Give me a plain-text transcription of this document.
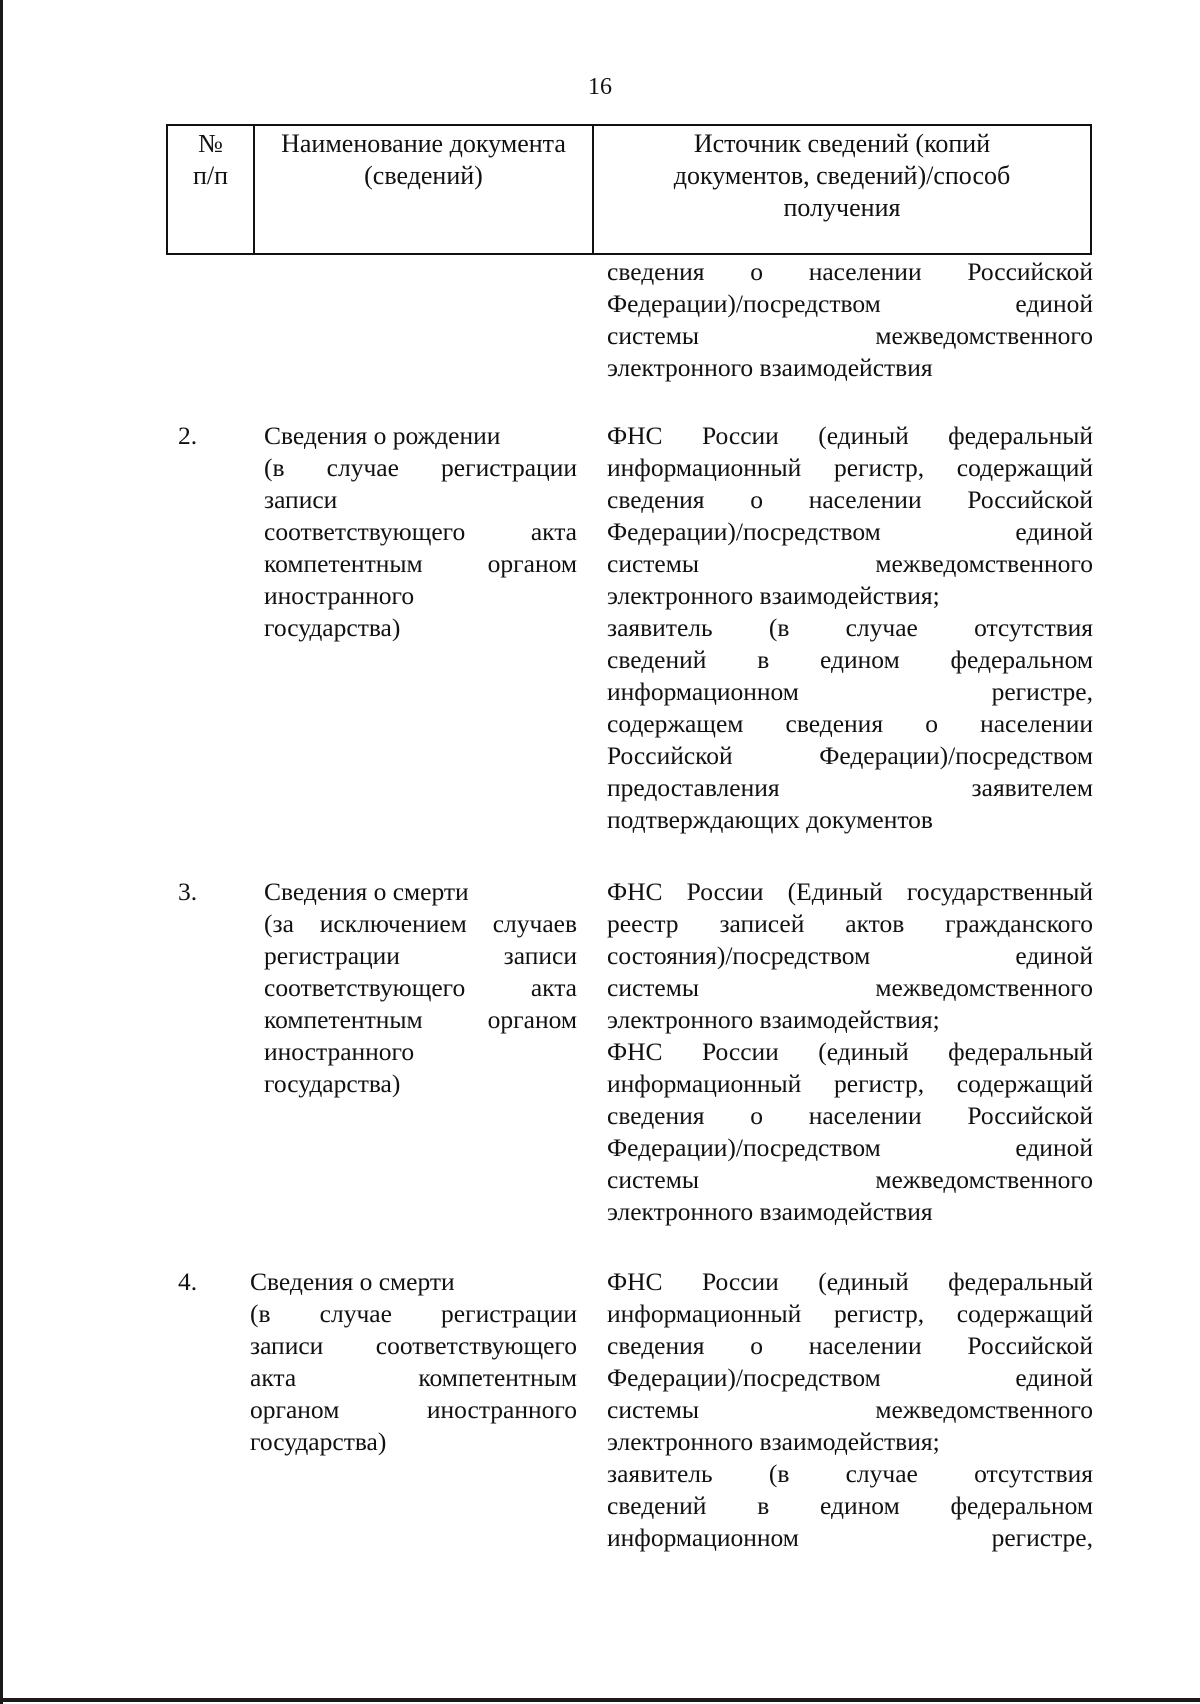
16
№
п/п
Наименование документа
(сведений)
Источник сведений (копий
документов, сведений)/способ
получения
сведения о населении Российской
Федерации)/посредством единой
системы межведомственного
электронного взаимодействия
2.	Сведения о рождении
(в случае регистрации
записи
соответствующего акта
компетентным органом
иностранного
государства)
ФНС России (единый федеральный
информационный регистр, содержащий
сведения о населении Российской
Федерации)/посредством единой
системы межведомственного
электронного взаимодействия;
заявитель (в случае отсутствия
сведений в едином федеральном
информационном регистре,
содержащем сведения о населении
Российской Федерации)/посредством
предоставления заявителем
подтверждающих документов
3.	Сведения о смерти
(за исключением случаев
регистрации записи
соответствующего акта
компетентным органом
иностранного
государства)
ФНС России (Единый государственный
реестр записей актов гражданского
состояния)/посредством единой
системы межведомственного
электронного взаимодействия;
ФНС России (единый федеральный
информационный регистр, содержащий
сведения о населении Российской
Федерации)/посредством единой
системы межведомственного
электронного взаимодействия
4. Сведения о смерти
(в случае регистрации
записи соответствующего
акта компетентным
органом иностранного
государства)
ФНС России (единый федеральный
информационный регистр, содержащий
сведения о населении Российской
Федерации)/посредством единой
системы межведомственного
электронного взаимодействия;
заявитель (в случае отсутствия
сведений в едином федеральном
информационном регистре,
